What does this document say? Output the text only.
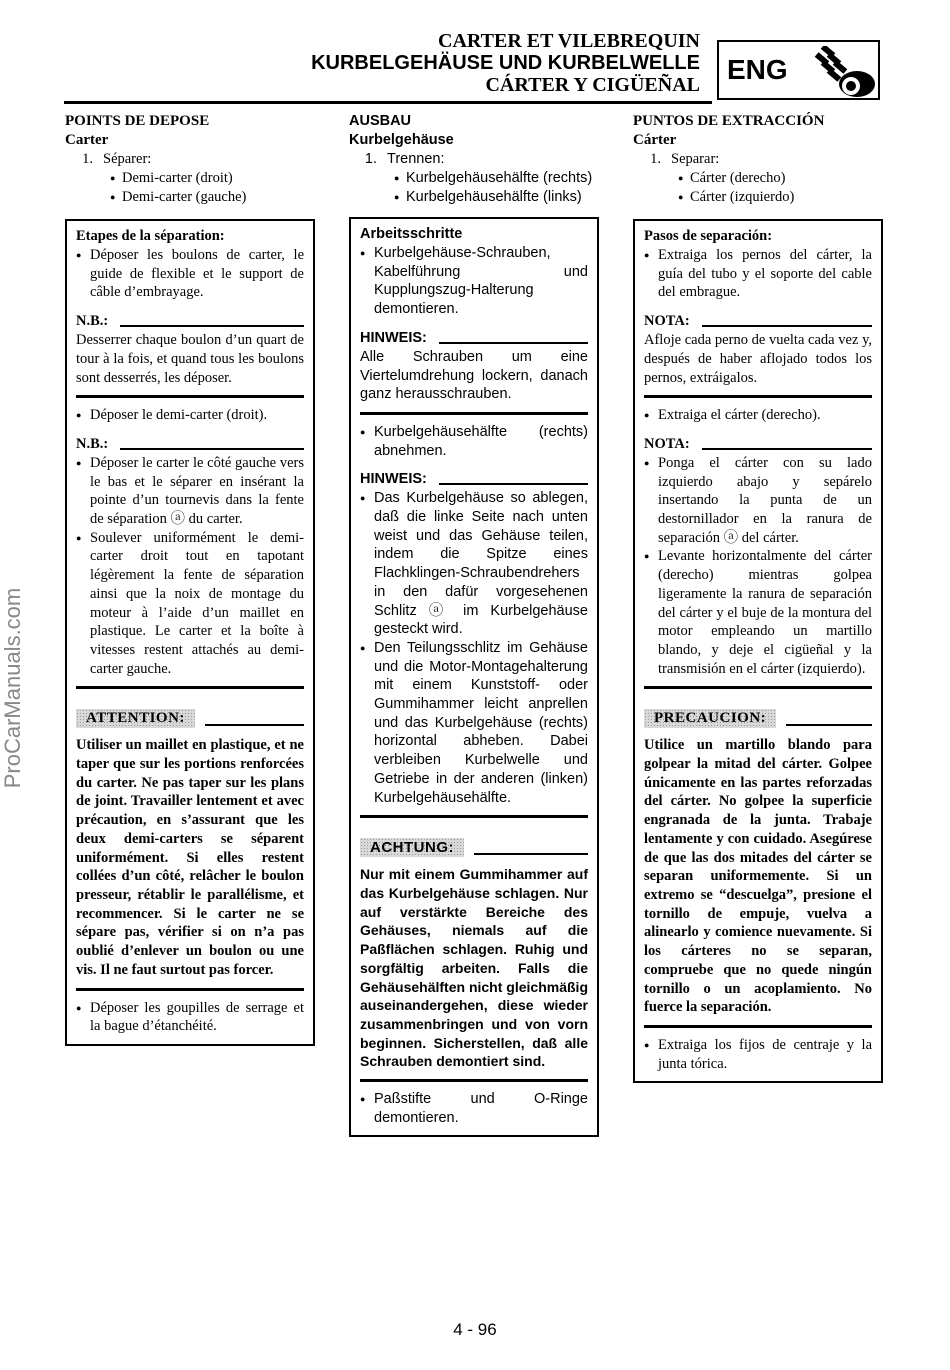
CARTER ET VILEBREQUIN
KURBELGEHÄUSE UND KURBELWELLE
CÁRTER Y CIGÜEÑAL ENG
ProCarManuals.com
POINTS DE DEPOSE
Carter
1. Séparer:
● Demi-carter (droit)
● Demi-carter (gauche)
Etapes de la séparation:
● Déposer les boulons de carter, le guide de flexible et le support de câble d’embrayage.
N.B.:
Desserrer chaque boulon d’un quart de tour à la fois, et quand tous les boulons sont desserrés, les déposer.
● Déposer le demi-carter (droit).
N.B.:
● Déposer le carter le côté gauche vers le bas et le séparer en insérant la pointe d’un tournevis dans la fente de séparation ⓐ du carter.
● Soulever uniformément le demi-carter droit tout en tapotant légèrement la fente de séparation ainsi que la noix de montage du moteur à l’aide d’un maillet en plastique. Le carter et la boîte à vitesses restent attachés au demi-carter gauche.
ATTENTION:
Utiliser un maillet en plastique, et ne taper que sur les portions renforcées du carter. Ne pas taper sur les plans de joint. Travailler lentement et avec précaution, en s’assurant que les deux demi-carters se séparent uniformément. Si elles restent collées d’un côté, relâcher le boulon presseur, rétablir le parallélisme, et recommencer. Si le carter ne se sépare pas, vérifier si on n’a pas oublié d’enlever un boulon ou une vis. Il ne faut surtout pas forcer.
● Déposer les goupilles de serrage et la bague d’étanchéité.
AUSBAU
Kurbelgehäuse
1. Trennen:
● Kurbelgehäusehälfte (rechts)
● Kurbelgehäusehälfte (links)
Arbeitsschritte
● Kurbelgehäuse-Schrauben, Kabelführung und Kupplungszug-Halterung demontieren.
HINWEIS:
Alle Schrauben um eine Viertelumdrehung lockern, danach ganz herausschrauben.
● Kurbelgehäusehälfte (rechts) abnehmen.
HINWEIS:
● Das Kurbelgehäuse so ablegen, daß die linke Seite nach unten weist und das Gehäuse teilen, indem die Spitze eines Flachklingen-Schraubendrehers in den dafür vorgesehenen Schlitz ⓐ im Kurbelgehäuse gesteckt wird.
● Den Teilungsschlitz im Gehäuse und die Motor-Montagehalterung mit einem Kunststoff- oder Gummihammer leicht anprellen und das Kurbelgehäuse (rechts) horizontal abheben. Dabei verbleiben Kurbelwelle und Getriebe in der anderen (linken) Kurbelgehäusehälfte.
ACHTUNG:
Nur mit einem Gummihammer auf das Kurbelgehäuse schlagen. Nur auf verstärkte Bereiche des Gehäuses, niemals auf die Paßflächen schlagen. Ruhig und sorgfältig arbeiten. Falls die Gehäusehälften nicht gleichmäßig auseinandergehen, diese wieder zusammenbringen und von vorn beginnen. Sicherstellen, daß alle Schrauben demontiert sind.
● Paßstifte und O-Ringe demontieren.
PUNTOS DE EXTRACCIÓN
Cárter
1. Separar:
● Cárter (derecho)
● Cárter (izquierdo)
Pasos de separación:
● Extraiga los pernos del cárter, la guía del tubo y el soporte del cable del embrague.
NOTA:
Afloje cada perno de vuelta cada vez y, después de haber aflojado todos los pernos, extráigalos.
● Extraiga el cárter (derecho).
NOTA:
● Ponga el cárter con su lado izquierdo abajo y sepárelo insertando la punta de un destornillador en la ranura de separación ⓐ del cárter.
● Levante horizontalmente del cárter (derecho) mientras golpea ligeramente la ranura de separación del cárter y el buje de la montura del motor empleando un martillo blando, y deje el cigüeñal y la transmisión en el cárter (izquierdo).
PRECAUCION:
Utilice un martillo blando para golpear la mitad del cárter. Golpee únicamente en las partes reforzadas del cárter. No golpee la superficie engranada de la junta. Trabaje lentamente y con cuidado. Asegúrese de que las dos mitades del cárter se separan uniformemente. Si un extremo se “descuelga”, presione el tornillo de empuje, vuelva a alinearlo y comience nuevamente. Si los cárteres no se separan, compruebe que no quede ningún tornillo o un acoplamiento. No fuerce la separación.
● Extraiga los fijos de centraje y la junta tórica.
4 - 96
